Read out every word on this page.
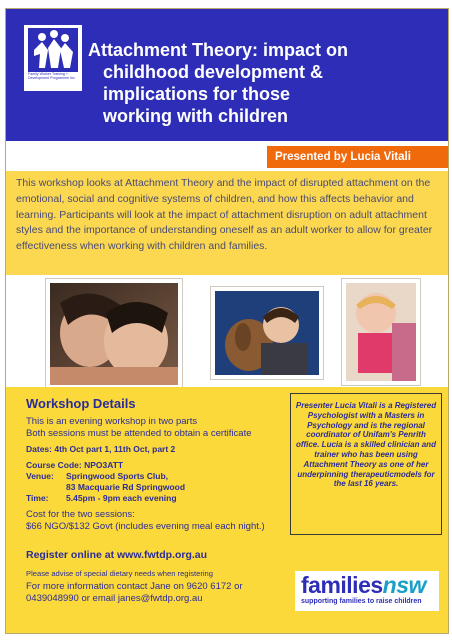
Family Worker Training + Development Programme Inc
Attachment Theory: impact on
childhood development &
implications for those
working with children
Presented by Lucia Vitali

This workshop looks at Attachment Theory and the impact of disrupted attachment on the emotional, social and cognitive systems of children, and how this affects behavior and learning. Participants will look at the impact of attachment disruption on adult attachment styles and the importance of understanding oneself as an adult worker to allow for greater effectiveness when working with children and families.

Workshop Details
This is an evening workshop in two parts
Both sessions must be attended to obtain a certificate
Dates: 4th Oct part 1, 11th Oct, part 2
Course Code: NPO3ATT
Venue: Springwood Sports Club,
83 Macquarie Rd Springwood
Time: 5.45pm - 9pm each evening
Cost for the two sessions:
$66 NGO/$132 Govt (includes evening meal each night.)

Presenter Lucia Vitali is a Registered Psychologist with a Masters in Psychology and is the regional coordinator of Unifam's Penrith office. Lucia is a skilled clinician and trainer who has been using Attachment Theory as one of her underpinning therapeuticmodels for the last 16 years.

Register online at www.fwtdp.org.au
Please advise of special dietary needs when registering
For more information contact Jane on 9620 6172 or 0439048990 or email janes@fwtdp.org.au
familiesnsw
supporting families to raise children
